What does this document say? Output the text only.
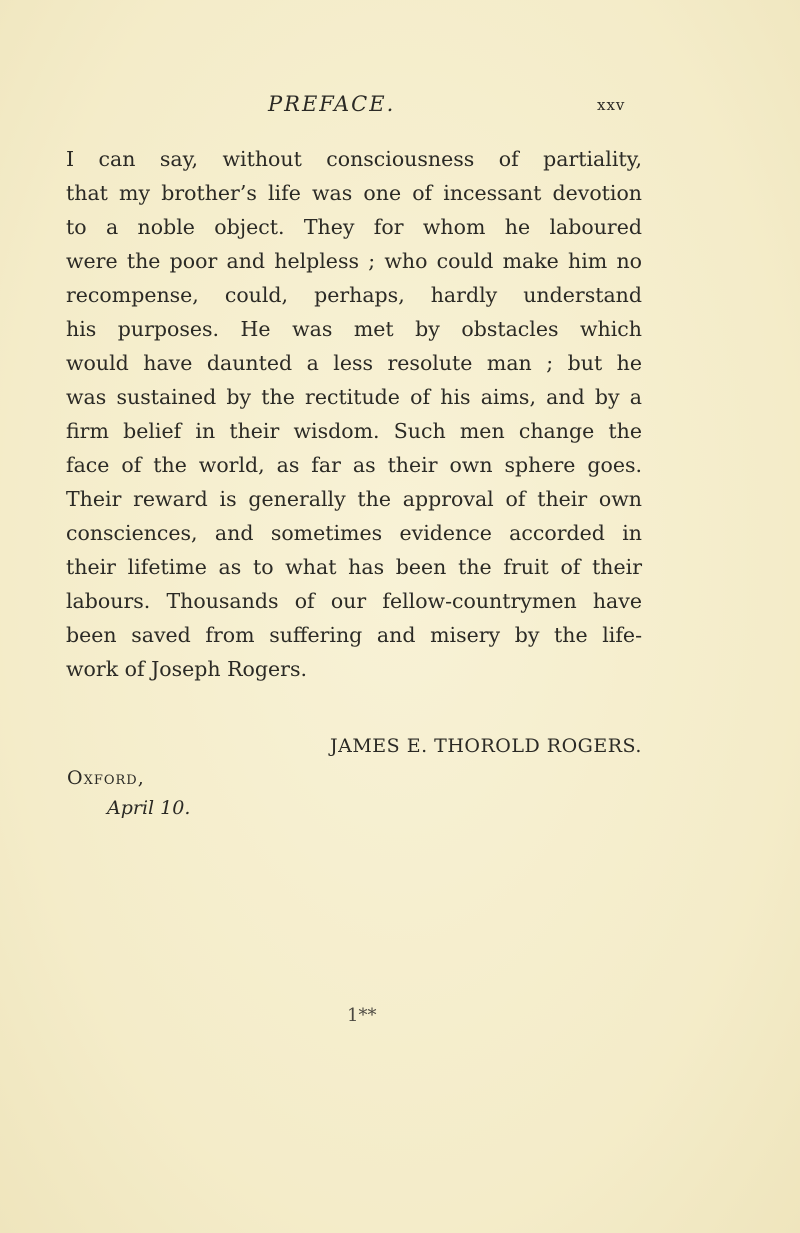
PREFACE.	xxv
I can say, without consciousness of partiality,
that my brother’s life was one of incessant devotion
to a noble object. They for whom he laboured
were the poor and helpless ; who could make him no
recompense, could, perhaps, hardly understand
his purposes. He was met by obstacles which
would have daunted a less resolute man ; but he
was sustained by the rectitude of his aims, and by a
firm belief in their wisdom. Such men change the
face of the world, as far as their own sphere goes.
Their reward is generally the approval of their own
consciences, and sometimes evidence accorded in
their lifetime as to what has been the fruit of their
labours. Thousands of our fellow-countrymen have
been saved from suffering and misery by the life-
work of Joseph Rogers.
JAMES E. THOROLD ROGERS.
Oxford,
April 10.
1**
